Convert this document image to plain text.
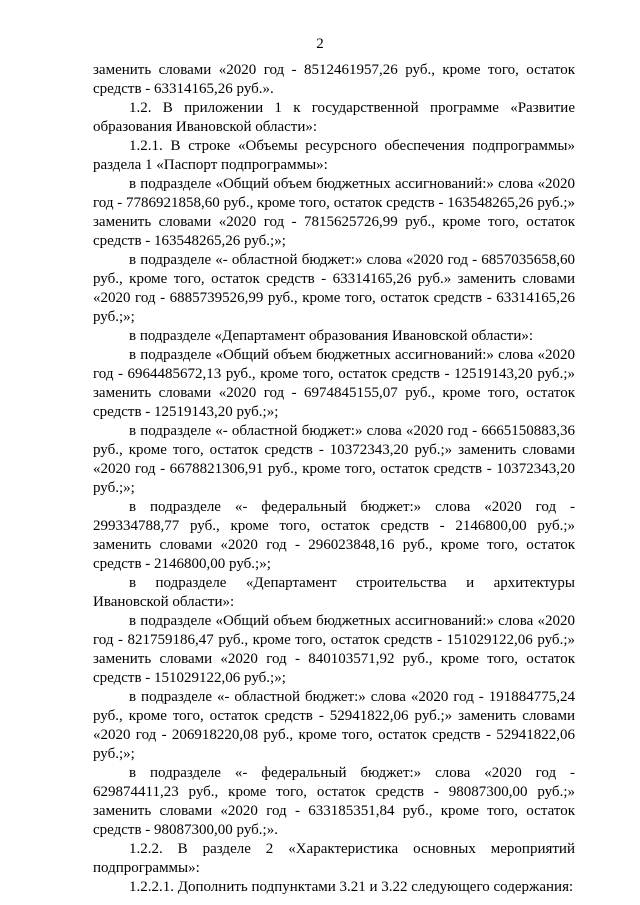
2

заменить словами «2020 год - 8512461957,26 руб., кроме того, остаток средств - 63314165,26 руб.».

1.2. В приложении 1 к государственной программе «Развитие образования Ивановской области»:

1.2.1. В строке «Объемы ресурсного обеспечения подпрограммы» раздела 1 «Паспорт подпрограммы»:

в подразделе «Общий объем бюджетных ассигнований:» слова «2020 год - 7786921858,60 руб., кроме того, остаток средств - 163548265,26 руб.;» заменить словами «2020 год - 7815625726,99 руб., кроме того, остаток средств - 163548265,26 руб.;»;

в подразделе «- областной бюджет:» слова «2020 год - 6857035658,60 руб., кроме того, остаток средств - 63314165,26 руб.» заменить словами «2020 год - 6885739526,99 руб., кроме того, остаток средств - 63314165,26 руб.;»;

в подразделе «Департамент образования Ивановской области»:

в подразделе «Общий объем бюджетных ассигнований:» слова «2020 год - 6964485672,13 руб., кроме того, остаток средств - 12519143,20 руб.;» заменить словами «2020 год - 6974845155,07 руб., кроме того, остаток средств - 12519143,20 руб.;»;

в подразделе «- областной бюджет:» слова «2020 год - 6665150883,36 руб., кроме того, остаток средств - 10372343,20 руб.;» заменить словами «2020 год - 6678821306,91 руб., кроме того, остаток средств - 10372343,20 руб.;»;

в подразделе «- федеральный бюджет:» слова «2020 год - 299334788,77 руб., кроме того, остаток средств - 2146800,00 руб.;» заменить словами «2020 год - 296023848,16 руб., кроме того, остаток средств - 2146800,00 руб.;»;

в подразделе «Департамент строительства и архитектуры Ивановской области»:

в подразделе «Общий объем бюджетных ассигнований:» слова «2020 год - 821759186,47 руб., кроме того, остаток средств - 151029122,06 руб.;» заменить словами «2020 год - 840103571,92 руб., кроме того, остаток средств - 151029122,06 руб.;»;

в подразделе «- областной бюджет:» слова «2020 год - 191884775,24 руб., кроме того, остаток средств - 52941822,06 руб.;» заменить словами «2020 год - 206918220,08 руб., кроме того, остаток средств - 52941822,06 руб.;»;

в подразделе «- федеральный бюджет:» слова «2020 год - 629874411,23 руб., кроме того, остаток средств - 98087300,00 руб.;» заменить словами «2020 год - 633185351,84 руб., кроме того, остаток средств - 98087300,00 руб.;».

1.2.2. В разделе 2 «Характеристика основных мероприятий подпрограммы»:

1.2.2.1. Дополнить подпунктами 3.21 и 3.22 следующего содержания:
